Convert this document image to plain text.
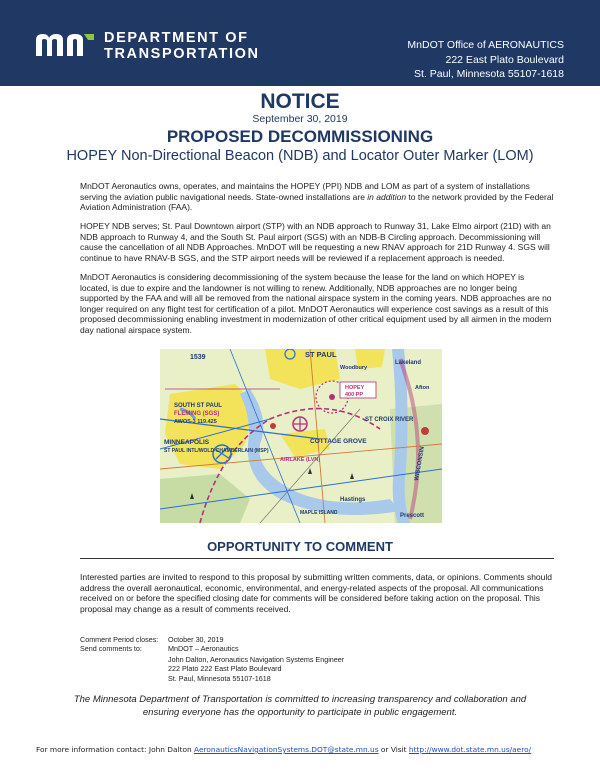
DEPARTMENT OF
TRANSPORTATION
MnDOT Office of AERONAUTICS
222 East Plato Boulevard
St. Paul, Minnesota 55107-1618
NOTICE
September 30, 2019
PROPOSED DECOMMISSIONING
HOPEY Non-Directional Beacon (NDB) and Locator Outer Marker (LOM)

MnDOT Aeronautics owns, operates, and maintains the HOPEY (PPI) NDB and LOM as part of a system of installations serving the aviation public navigational needs. State-owned installations are in addition to the network provided by the Federal Aviation Administration (FAA).

HOPEY NDB serves; St. Paul Downtown airport (STP) with an NDB approach to Runway 31, Lake Elmo airport (21D) with an NDB approach to Runway 4, and the South St. Paul airport (SGS) with an NDB-B Circling approach. Decommissioning will cause the cancellation of all NDB Approaches. MnDOT will be requesting a new RNAV approach for 21D Runway 4. SGS will continue to have RNAV-B SGS, and the STP airport needs will be reviewed if a replacement approach is needed.

MnDOT Aeronautics is considering decommissioning of the system because the lease for the land on which HOPEY is located, is due to expire and the landowner is not willing to renew. Additionally, NDB approaches are no longer being supported by the FAA and will all be removed from the national airspace system in the coming years. NDB approaches are no longer required on any flight test for certification of a pilot. MnDOT Aeronautics will experience cost savings as a result of this proposed decommissioning enabling investment in modernization of other critical equipment used by all airmen in the modern day national airspace system.

1539	ST PAUL
SOUTH ST PAUL
FLEMING (SGS)
AWOS-3 119.425
MINNEAPOLIS
ST PAUL INTL/WOLD-CHAMBERLAIN (MSP)
HOPEY
400 PP
COTTAGE GROVE
AIRLAKE (LVN)
Hastings
ST CROIX RIVER
WISCONSIN
Prescott
Lakeland
Afton
Woodbury
MAPLE ISLAND
OPPORTUNITY TO COMMENT

Interested parties are invited to respond to this proposal by submitting written comments, data, or opinions. Comments should address the overall aeronautical, economic, environmental, and energy-related aspects of the proposal. All communications received on or before the specified closing date for comments will be considered before taking action on the proposal. This proposal may change as a result of comments received.

Comment Period closes: October 30, 2019
Send comments to:	MnDOT – Aeronautics
John Dalton, Aeronautics Navigation Systems Engineer
222 Plato 222 East Plato Boulevard
St. Paul, Minnesota 55107-1618

The Minnesota Department of Transportation is committed to increasing transparency and collaboration and ensuring everyone has the opportunity to participate in public engagement.

For more information contact: John Dalton AeronauticsNavigationSystems.DOT@state.mn.us or Visit http://www.dot.state.mn.us/aero/
